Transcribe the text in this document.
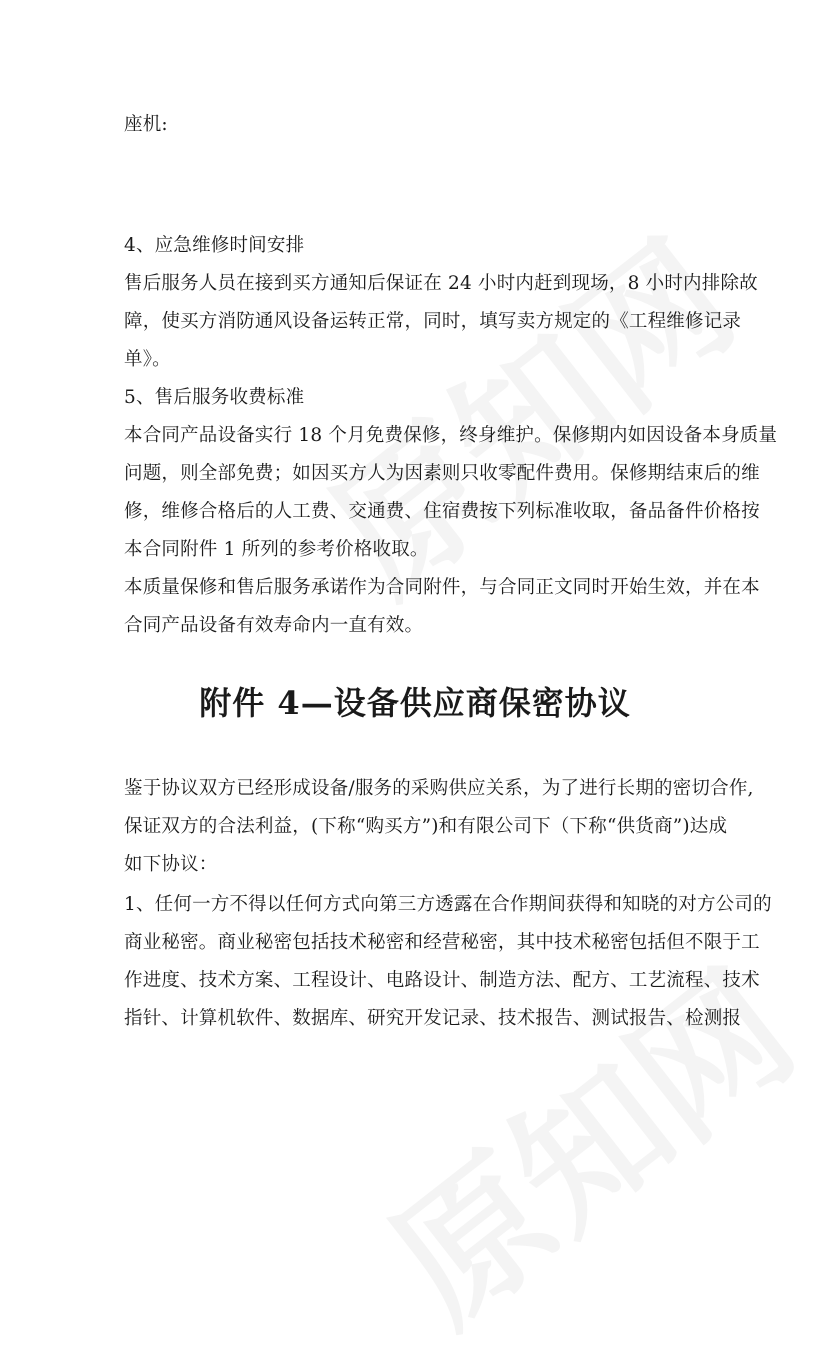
座机:

4、应急维修时间安排

售后服务人员在接到买方通知后保证在 24 小时内赶到现场，8 小时内排除故
障，使买方消防通风设备运转正常，同时，填写卖方规定的《工程维修记录
单》。

5、售后服务收费标准

本合同产品设备实行 18 个月免费保修，终身维护。保修期内如因设备本身质量
问题，则全部免费；如因买方人为因素则只收零配件费用。保修期结束后的维
修，维修合格后的人工费、交通费、住宿费按下列标准收取，备品备件价格按
本合同附件 1 所列的参考价格收取。

本质量保修和售后服务承诺作为合同附件，与合同正文同时开始生效，并在本
合同产品设备有效寿命内一直有效。

附件 4—设备供应商保密协议

鉴于协议双方已经形成设备/服务的采购供应关系，为了进行长期的密切合作,
保证双方的合法利益，(下称“购买方”)和有限公司下（下称“供货商”)达成
如下协议：

1、任何一方不得以任何方式向第三方透露在合作期间获得和知晓的对方公司的
商业秘密。商业秘密包括技术秘密和经营秘密，其中技术秘密包括但不限于工
作进度、技术方案、工程设计、电路设计、制造方法、配方、工艺流程、技术
指针、计算机软件、数据库、研究开发记录、技术报告、测试报告、检测报
